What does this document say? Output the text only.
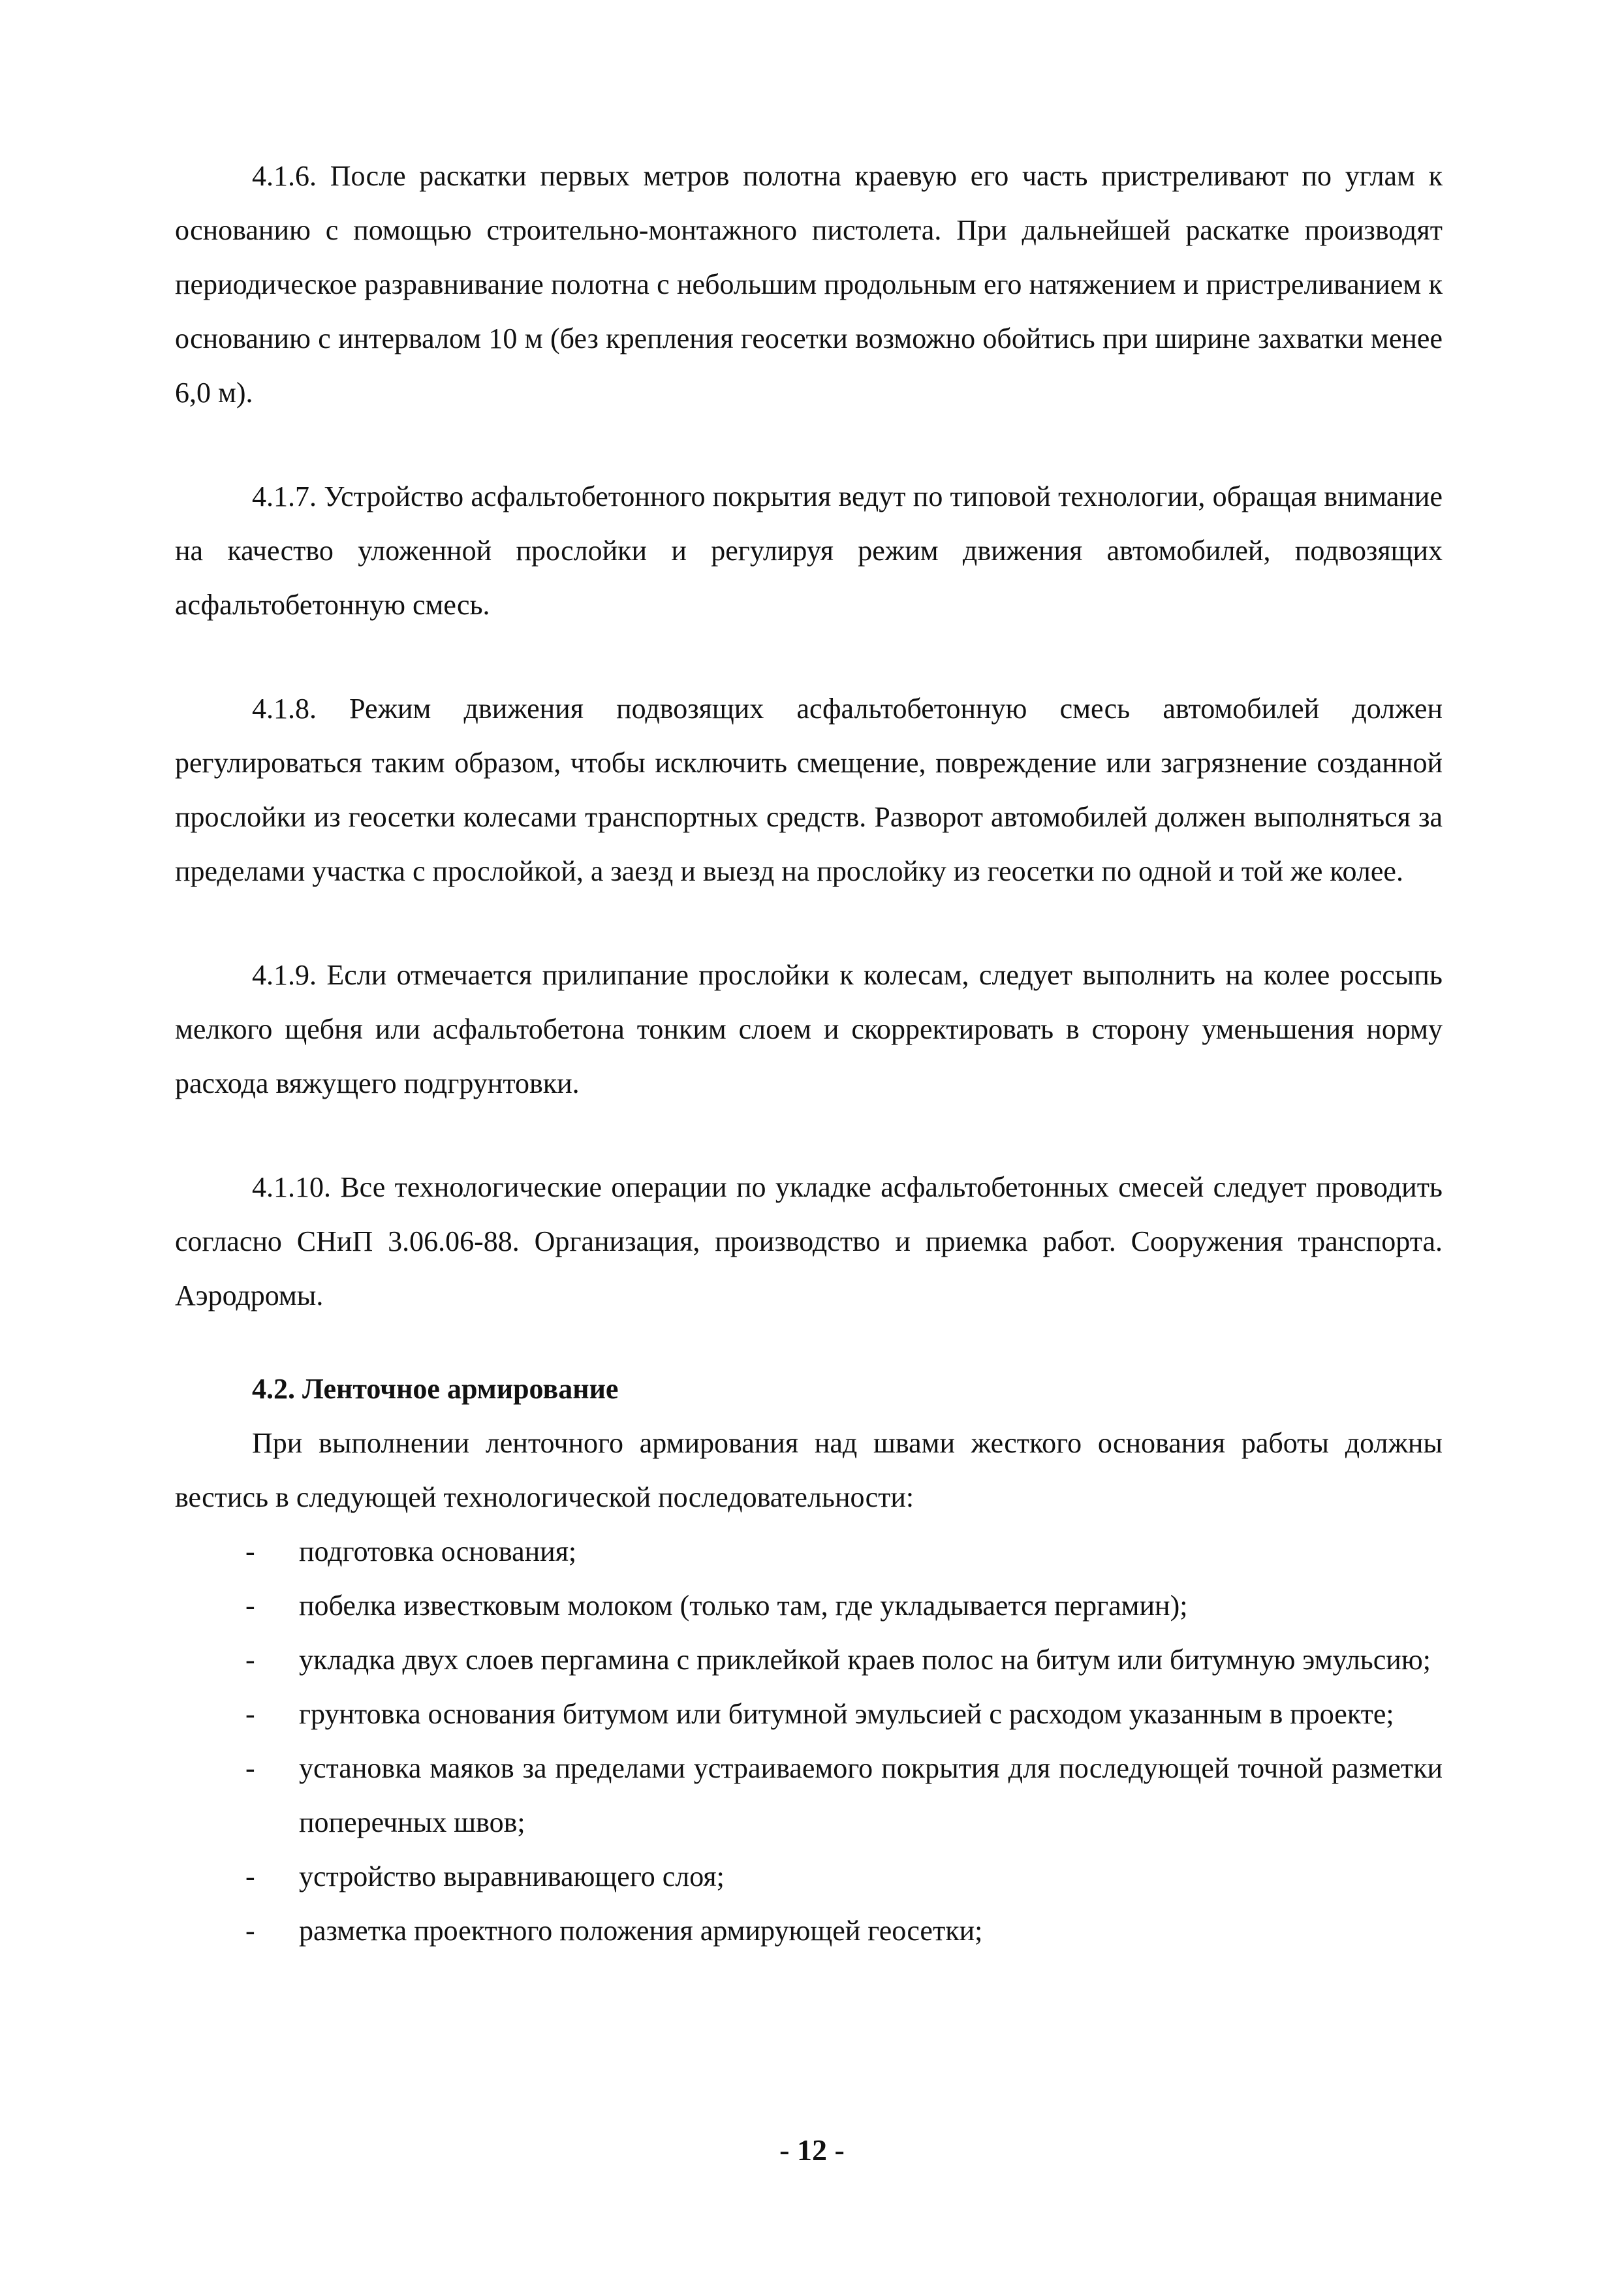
4.1.6. После раскатки первых метров полотна краевую его часть пристреливают по углам к основанию с помощью строительно-монтажного пистолета. При дальнейшей раскатке производят периодическое разравнивание полотна с небольшим продольным его натяжением и пристреливанием к основанию с интервалом 10 м (без крепления геосетки возможно обойтись при ширине захватки менее 6,0 м).

4.1.7. Устройство асфальтобетонного покрытия ведут по типовой технологии, обращая внимание на качество уложенной прослойки и регулируя режим движения автомобилей, подвозящих асфальтобетонную смесь.

4.1.8. Режим движения подвозящих асфальтобетонную смесь автомобилей должен регулироваться таким образом, чтобы исключить смещение, повреждение или загрязнение созданной прослойки из геосетки колесами транспортных средств. Разворот автомобилей должен выполняться за пределами участка с прослойкой, а заезд и выезд на прослойку из геосетки по одной и той же колее.

4.1.9. Если отмечается прилипание прослойки к колесам, следует выполнить на колее россыпь мелкого щебня или асфальтобетона тонким слоем и скорректировать в сторону уменьшения норму расхода вяжущего подгрунтовки.

4.1.10. Все технологические операции по укладке асфальтобетонных смесей следует проводить согласно СНиП 3.06.06-88. Организация, производство и приемка работ. Сооружения транспорта. Аэродромы.

4.2. Ленточное армирование

При выполнении ленточного армирования над швами жесткого основания работы должны вестись в следующей технологической последовательности:

- подготовка основания;
- побелка известковым молоком (только там, где укладывается пергамин);
- укладка двух слоев пергамина с приклейкой краев полос на битум или битумную эмульсию;
- грунтовка основания битумом или битумной эмульсией с расходом указанным в проекте;
- установка маяков за пределами устраиваемого покрытия для последующей точной разметки поперечных швов;
- устройство выравнивающего слоя;
- разметка проектного положения армирующей геосетки;
- 12 -
